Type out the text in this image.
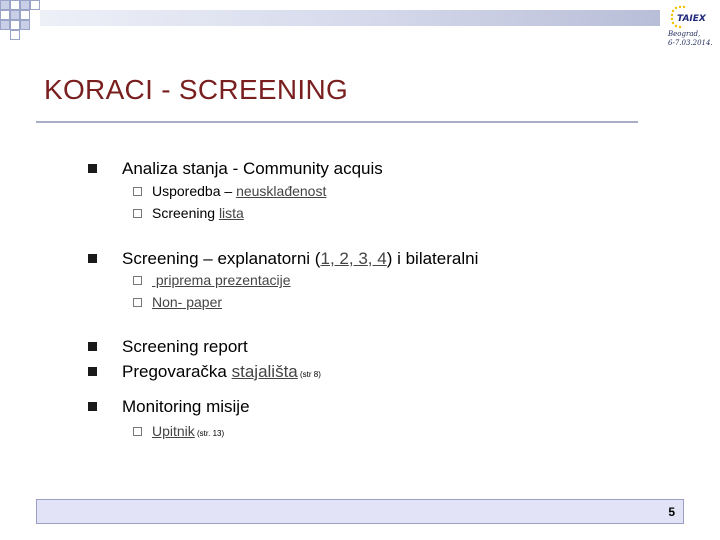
TAIEX
Beograd,
6-7.03.2014.
KORACI - SCREENING
Analiza stanja - Community acquis
Usporedba – neusklađenost
Screening lista
Screening – explanatorni (1, 2, 3, 4) i bilateralni
priprema prezentacije
Non- paper
Screening report
Pregovaračka stajališta (str 8)
Monitoring misije
Upitnik (str. 13)
5
